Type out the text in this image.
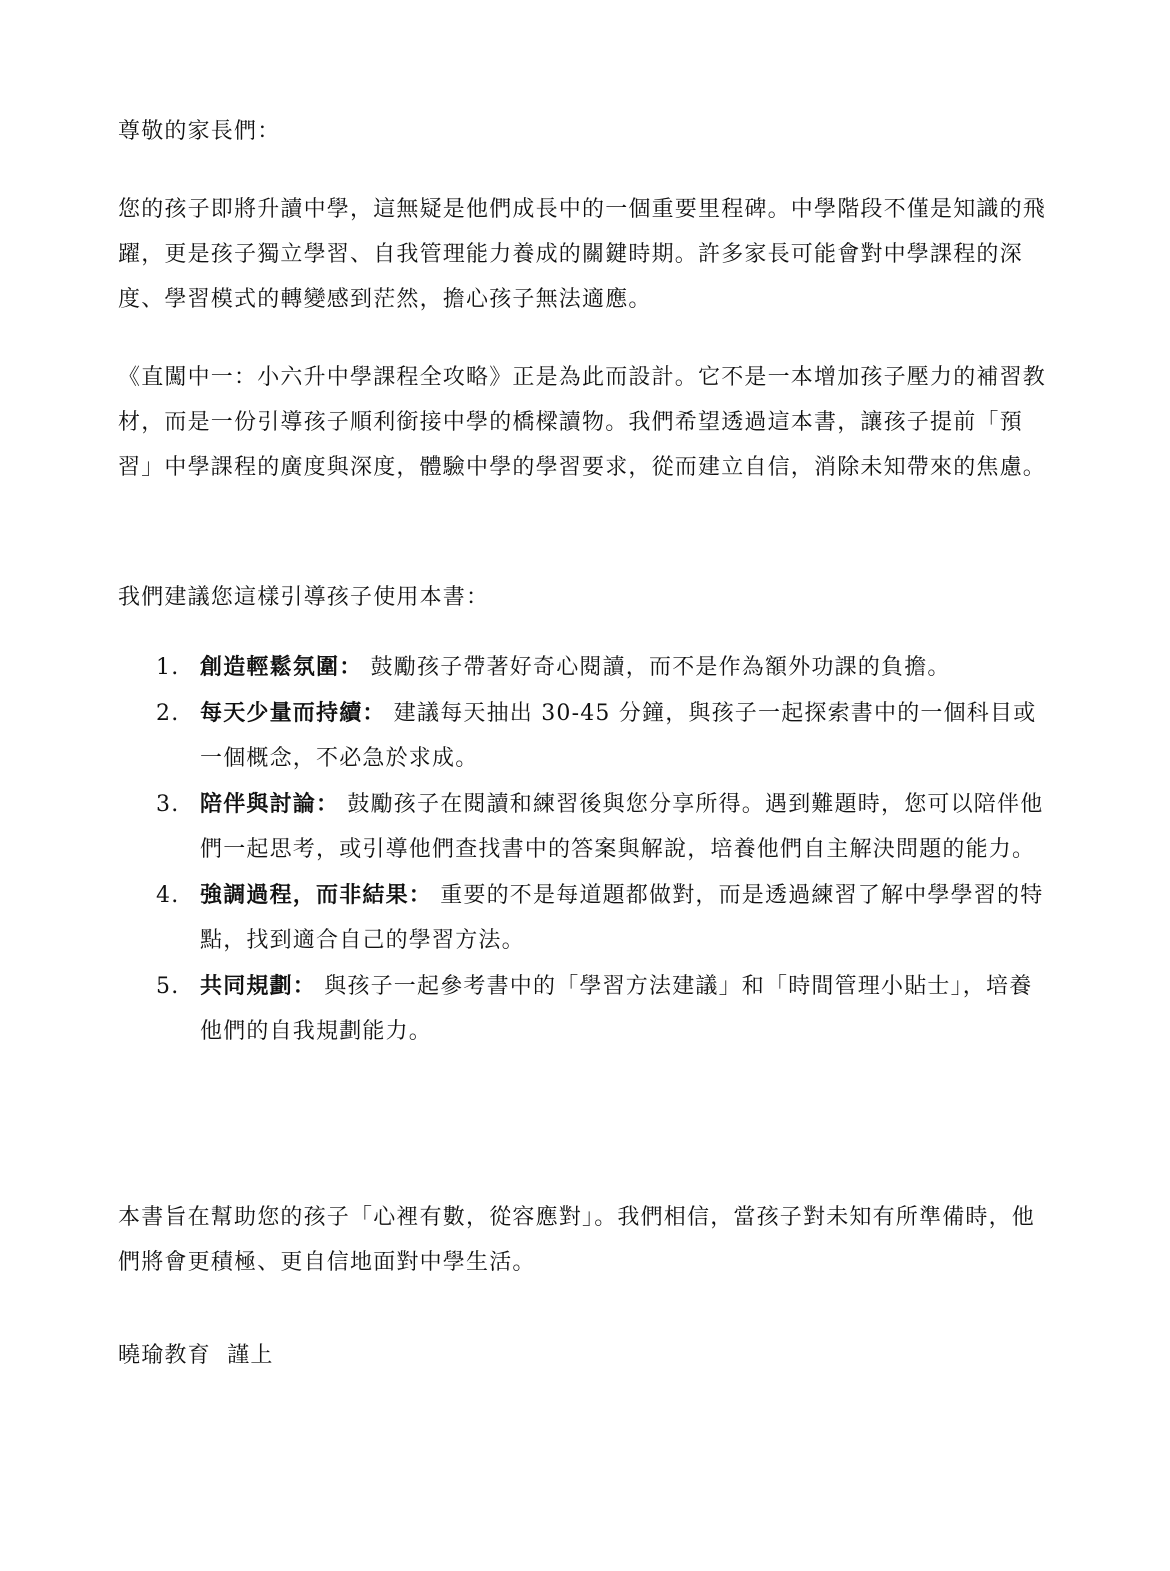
尊敬的家長們：

您的孩子即將升讀中學，這無疑是他們成長中的一個重要里程碑。中學階段不僅是知識的飛躍，更是孩子獨立學習、自我管理能力養成的關鍵時期。許多家長可能會對中學課程的深度、學習模式的轉變感到茫然，擔心孩子無法適應。

《直闖中一：小六升中學課程全攻略》正是為此而設計。它不是一本增加孩子壓力的補習教材，而是一份引導孩子順利銜接中學的橋樑讀物。我們希望透過這本書，讓孩子提前「預習」中學課程的廣度與深度，體驗中學的學習要求，從而建立自信，消除未知帶來的焦慮。

我們建議您這樣引導孩子使用本書：

1. 創造輕鬆氛圍： 鼓勵孩子帶著好奇心閱讀，而不是作為額外功課的負擔。
2. 每天少量而持續： 建議每天抽出 30-45 分鐘，與孩子一起探索書中的一個科目或一個概念，不必急於求成。
3. 陪伴與討論： 鼓勵孩子在閱讀和練習後與您分享所得。遇到難題時，您可以陪伴他們一起思考，或引導他們查找書中的答案與解說，培養他們自主解決問題的能力。
4. 強調過程，而非結果： 重要的不是每道題都做對，而是透過練習了解中學學習的特點，找到適合自己的學習方法。
5. 共同規劃： 與孩子一起參考書中的「學習方法建議」和「時間管理小貼士」，培養他們的自我規劃能力。

本書旨在幫助您的孩子「心裡有數，從容應對」。我們相信，當孩子對未知有所準備時，他們將會更積極、更自信地面對中學生活。

曉瑜教育  謹上
